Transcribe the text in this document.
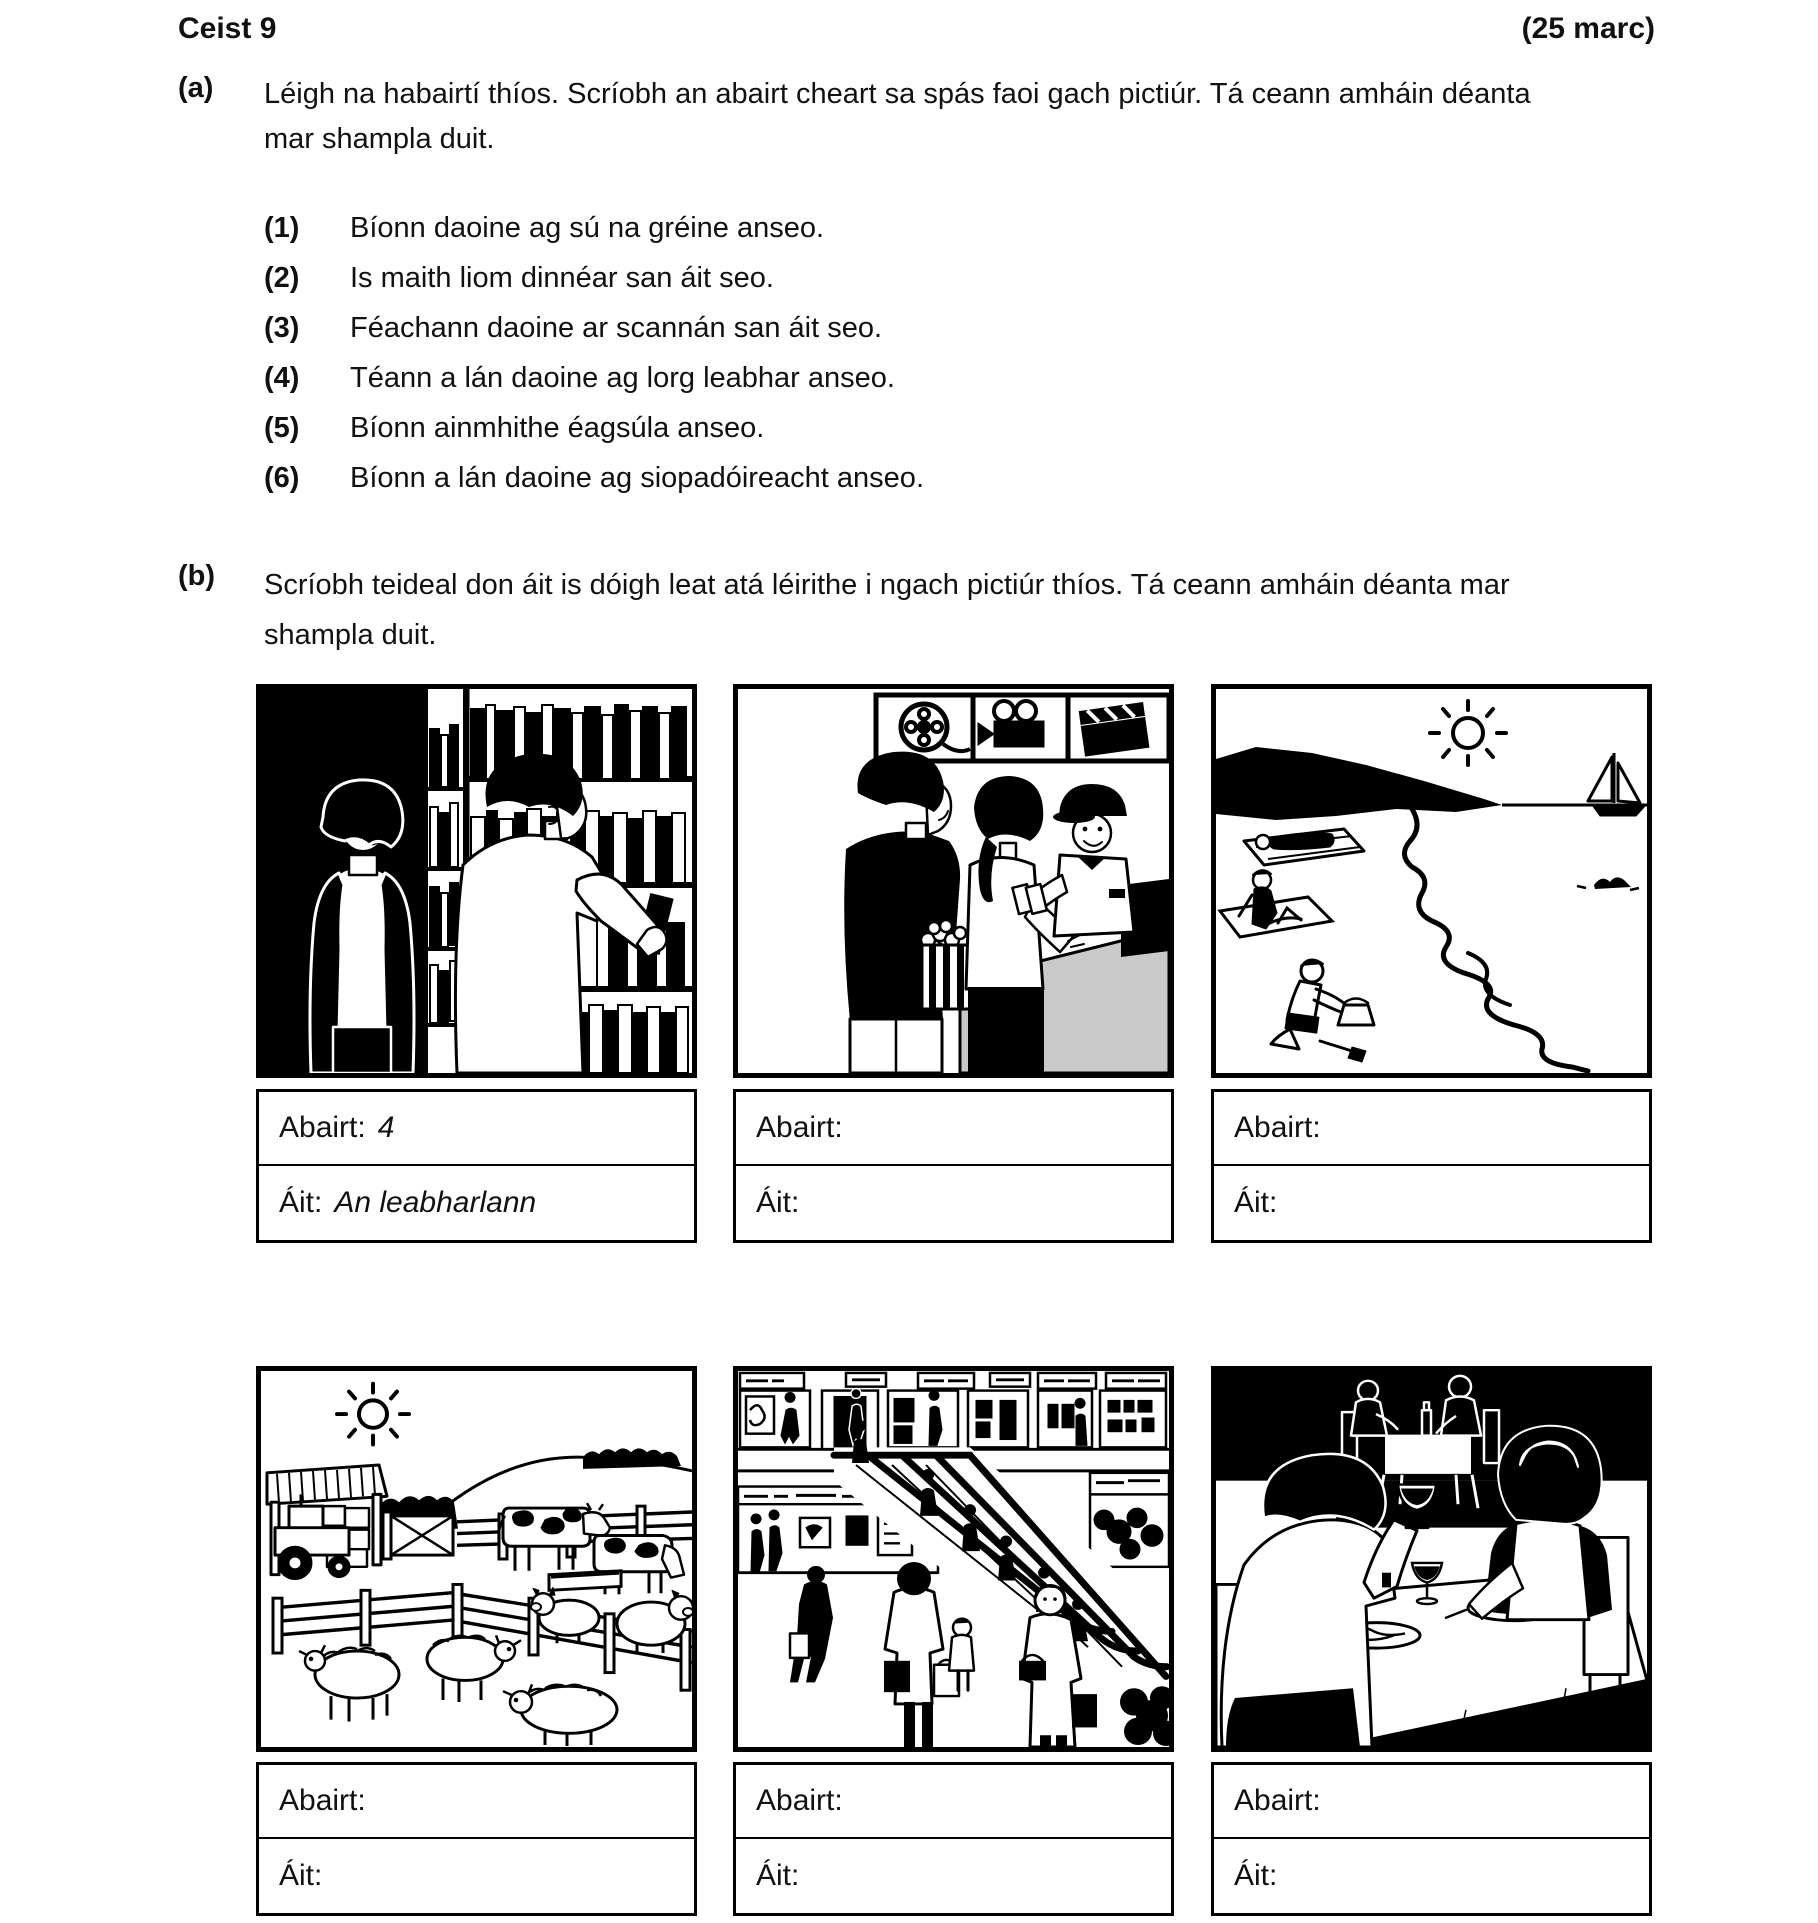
Ceist 9	(25 marc)
(a) Léigh na habairtí thíos. Scríobh an abairt cheart sa spás faoi gach pictiúr. Tá ceann amháin déanta mar shampla duit.
(1)	Bíonn daoine ag sú na gréine anseo.
(2)	Is maith liom dinnéar san áit seo.
(3)	Féachann daoine ar scannán san áit seo.
(4)	Téann a lán daoine ag lorg leabhar anseo.
(5)	Bíonn ainmhithe éagsúla anseo.
(6)	Bíonn a lán daoine ag siopadóireacht anseo.
(b) Scríobh teideal don áit is dóigh leat atá léirithe i ngach pictiúr thíos. Tá ceann amháin déanta mar shampla duit.
Abairt: 4
Áit: An leabharlann
Abairt:
Áit:
Abairt:
Áit:
Abairt:
Áit:
Abairt:
Áit:
Abairt:
Áit:
